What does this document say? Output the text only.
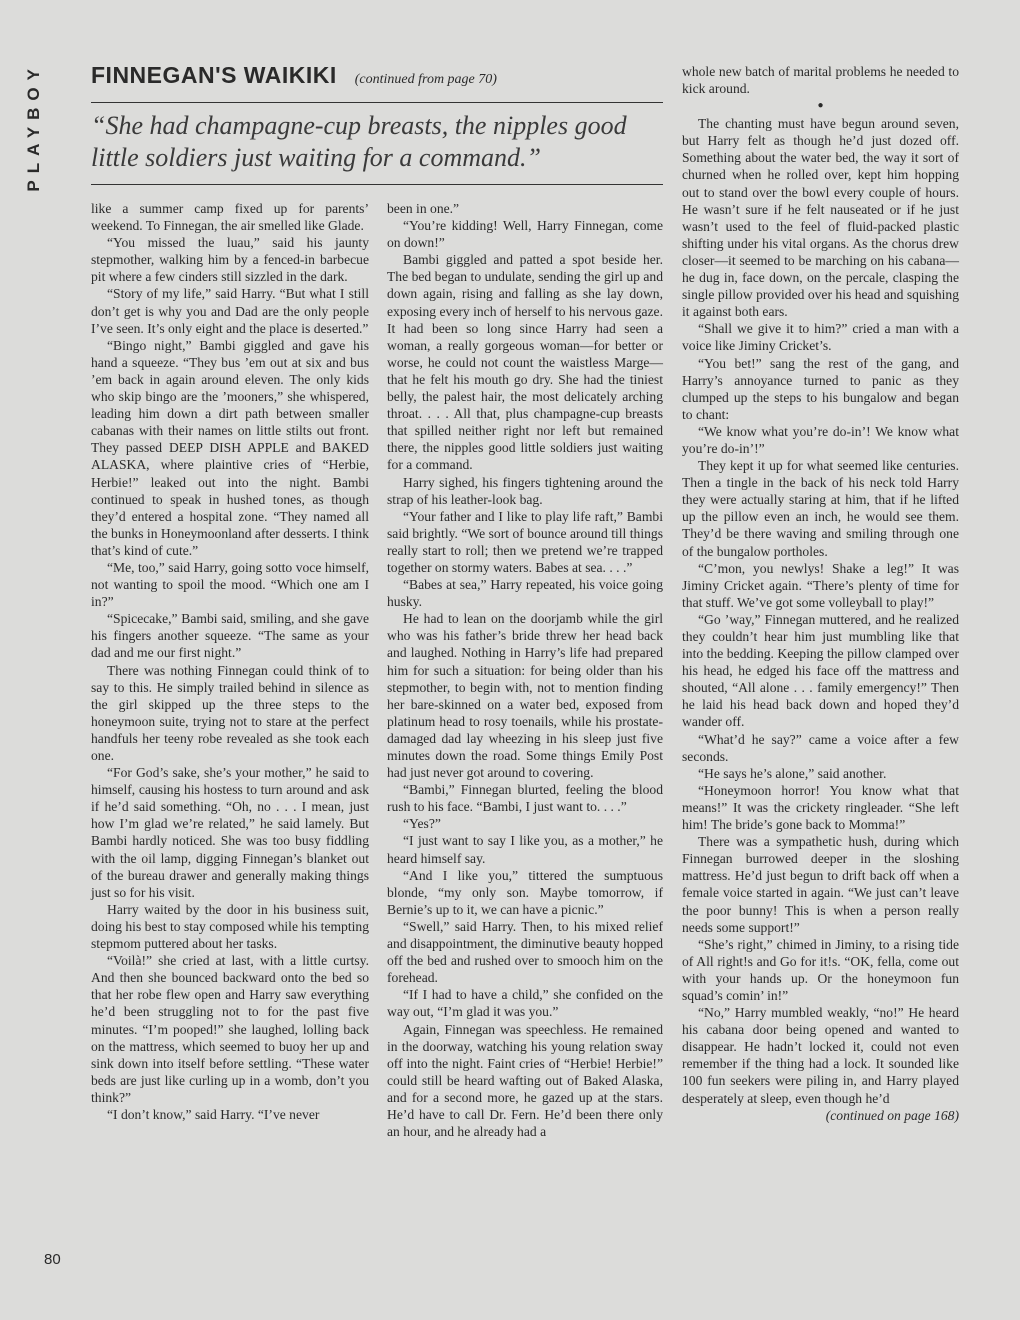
PLAYBOY
80
FINNEGAN'S WAIKIKI (continued from page 70)
“She had champagne-cup breasts, the nipples good little soldiers just waiting for a command.”

like a summer camp fixed up for parents’ weekend. To Finnegan, the air smelled like Glade.

“You missed the luau,” said his jaunty stepmother, walking him by a fenced-in barbecue pit where a few cinders still sizzled in the dark.

“Story of my life,” said Harry. “But what I still don’t get is why you and Dad are the only people I’ve seen. It’s only eight and the place is deserted.”

“Bingo night,” Bambi giggled and gave his hand a squeeze. “They bus ’em out at six and bus ’em back in again around eleven. The only kids who skip bingo are the ’mooners,” she whispered, leading him down a dirt path between smaller cabanas with their names on little stilts out front. They passed DEEP DISH APPLE and BAKED ALASKA, where plaintive cries of “Herbie, Herbie!” leaked out into the night. Bambi continued to speak in hushed tones, as though they’d entered a hospital zone. “They named all the bunks in Honeymoonland after desserts. I think that’s kind of cute.”

“Me, too,” said Harry, going sotto voce himself, not wanting to spoil the mood. “Which one am I in?”

“Spicecake,” Bambi said, smiling, and she gave his fingers another squeeze. “The same as your dad and me our first night.”

There was nothing Finnegan could think of to say to this. He simply trailed behind in silence as the girl skipped up the three steps to the honeymoon suite, trying not to stare at the perfect handfuls her teeny robe revealed as she took each one.

“For God’s sake, she’s your mother,” he said to himself, causing his hostess to turn around and ask if he’d said something. “Oh, no . . . I mean, just how I’m glad we’re related,” he said lamely. But Bambi hardly noticed. She was too busy fiddling with the oil lamp, digging Finnegan’s blanket out of the bureau drawer and generally making things just so for his visit.

Harry waited by the door in his business suit, doing his best to stay composed while his tempting stepmom puttered about her tasks.

“Voilà!” she cried at last, with a little curtsy. And then she bounced backward onto the bed so that her robe flew open and Harry saw everything he’d been struggling not to for the past five minutes. “I’m pooped!” she laughed, lolling back on the mattress, which seemed to buoy her up and sink down into itself before settling. “These water beds are just like curling up in a womb, don’t you think?”

“I don’t know,” said Harry. “I’ve never

been in one.”

“You’re kidding! Well, Harry Finnegan, come on down!”

Bambi giggled and patted a spot beside her. The bed began to undulate, sending the girl up and down again, rising and falling as she lay down, exposing every inch of herself to his nervous gaze. It had been so long since Harry had seen a woman, a really gorgeous woman—for better or worse, he could not count the waistless Marge—that he felt his mouth go dry. She had the tiniest belly, the palest hair, the most delicately arching throat. . . . All that, plus champagne-cup breasts that spilled neither right nor left but remained there, the nipples good little soldiers just waiting for a command.

Harry sighed, his fingers tightening around the strap of his leather-look bag.

“Your father and I like to play life raft,” Bambi said brightly. “We sort of bounce around till things really start to roll; then we pretend we’re trapped together on stormy waters. Babes at sea. . . .”

“Babes at sea,” Harry repeated, his voice going husky.

He had to lean on the doorjamb while the girl who was his father’s bride threw her head back and laughed. Nothing in Harry’s life had prepared him for such a situation: for being older than his stepmother, to begin with, not to mention finding her bare-skinned on a water bed, exposed from platinum head to rosy toenails, while his prostate-damaged dad lay wheezing in his sleep just five minutes down the road. Some things Emily Post had just never got around to covering.

“Bambi,” Finnegan blurted, feeling the blood rush to his face. “Bambi, I just want to. . . .”

“Yes?”

“I just want to say I like you, as a mother,” he heard himself say.

“And I like you,” tittered the sumptuous blonde, “my only son. Maybe tomorrow, if Bernie’s up to it, we can have a picnic.”

“Swell,” said Harry. Then, to his mixed relief and disappointment, the diminutive beauty hopped off the bed and rushed over to smooch him on the forehead.

“If I had to have a child,” she confided on the way out, “I’m glad it was you.”

Again, Finnegan was speechless. He remained in the doorway, watching his young relation sway off into the night. Faint cries of “Herbie! Herbie!” could still be heard wafting out of Baked Alaska, and for a second more, he gazed up at the stars. He’d have to call Dr. Fern. He’d been there only an hour, and he already had a

whole new batch of marital problems he needed to kick around.

●

The chanting must have begun around seven, but Harry felt as though he’d just dozed off. Something about the water bed, the way it sort of churned when he rolled over, kept him hopping out to stand over the bowl every couple of hours. He wasn’t sure if he felt nauseated or if he just wasn’t used to the feel of fluid-packed plastic shifting under his vital organs. As the chorus drew closer—it seemed to be marching on his cabana—he dug in, face down, on the percale, clasping the single pillow provided over his head and squishing it against both ears.

“Shall we give it to him?” cried a man with a voice like Jiminy Cricket’s.

“You bet!” sang the rest of the gang, and Harry’s annoyance turned to panic as they clumped up the steps to his bungalow and began to chant:

“We know what you’re do-in’! We know what you’re do-in’!”

They kept it up for what seemed like centuries. Then a tingle in the back of his neck told Harry they were actually staring at him, that if he lifted up the pillow even an inch, he would see them. They’d be there waving and smiling through one of the bungalow portholes.

“C’mon, you newlys! Shake a leg!” It was Jiminy Cricket again. “There’s plenty of time for that stuff. We’ve got some volleyball to play!”

“Go ’way,” Finnegan muttered, and he realized they couldn’t hear him just mumbling like that into the bedding. Keeping the pillow clamped over his head, he edged his face off the mattress and shouted, “All alone . . . family emergency!” Then he laid his head back down and hoped they’d wander off.

“What’d he say?” came a voice after a few seconds.

“He says he’s alone,” said another.

“Honeymoon horror! You know what that means!” It was the crickety ringleader. “She left him! The bride’s gone back to Momma!”

There was a sympathetic hush, during which Finnegan burrowed deeper in the sloshing mattress. He’d just begun to drift back off when a female voice started in again. “We just can’t leave the poor bunny! This is when a person really needs some support!”

“She’s right,” chimed in Jiminy, to a rising tide of All right!s and Go for it!s. “OK, fella, come out with your hands up. Or the honeymoon fun squad’s comin’ in!”

“No,” Harry mumbled weakly, “no!” He heard his cabana door being opened and wanted to disappear. He hadn’t locked it, could not even remember if the thing had a lock. It sounded like 100 fun seekers were piling in, and Harry played desperately at sleep, even though he’d

(continued on page 168)
